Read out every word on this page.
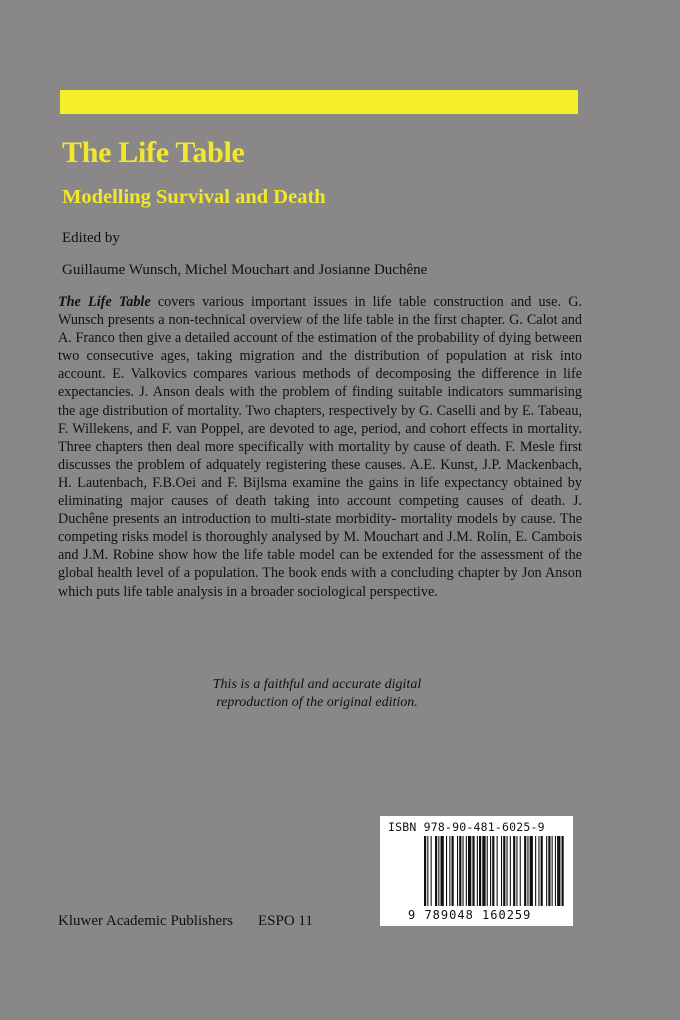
The Life Table
Modelling Survival and Death
Edited by
Guillaume Wunsch, Michel Mouchart and Josianne Duchêne

The Life Table covers various important issues in life table construction and use. G. Wunsch presents a non-technical overview of the life table in the first chapter. G. Calot and A. Franco then give a detailed account of the estimation of the probability of dying between two consecutive ages, taking migration and the distribution of population at risk into account. E. Valkovics compares various methods of decomposing the difference in life expectancies. J. Anson deals with the problem of finding suitable indicators summarising the age distribution of mortality. Two chapters, respectively by G. Caselli and by E. Tabeau, F. Willekens, and F. van Poppel, are devoted to age, period, and cohort effects in mortality. Three chapters then deal more specifically with mortality by cause of death. F. Mesle first discusses the problem of adquately registering these causes. A.E. Kunst, J.P. Mackenbach, H. Lautenbach, F.B.Oei and F. Bijlsma examine the gains in life expectancy obtained by eliminating major causes of death taking into account competing causes of death. J. Duchêne presents an introduction to multi-state morbidity- mortality models by cause. The competing risks model is thoroughly analysed by M. Mouchart and J.M. Rolin, E. Cambois and J.M. Robine show how the life table model can be extended for the assessment of the global health level of a population. The book ends with a concluding chapter by Jon Anson which puts life table analysis in a broader sociological perspective.

This is a faithful and accurate digital
reproduction of the original edition.
ISBN 978-90-481-6025-9
9 789048 160259
Kluwer Academic Publishers ESPO 11
